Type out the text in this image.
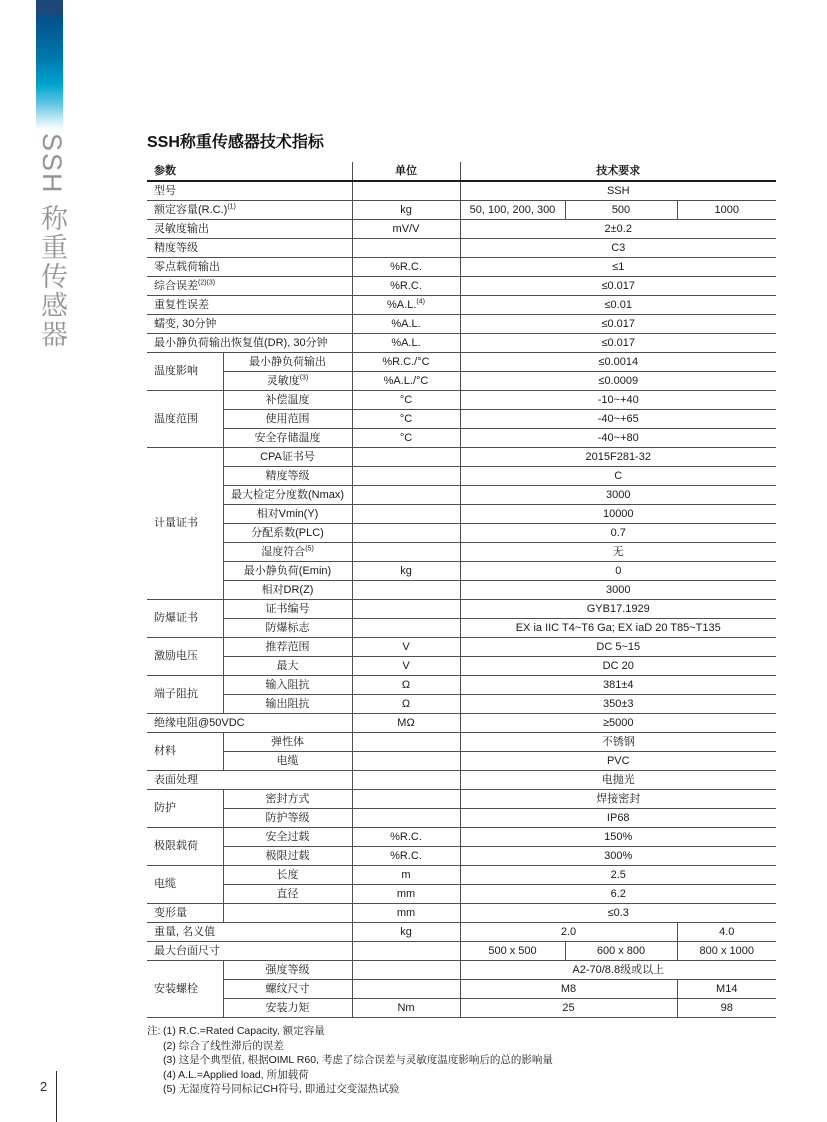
SSH 称重传感器
2
SSH称重传感器技术指标
参数		单位	技术要求		
型号			SSH		
额定容量$(R.C.)^{(1)}$		kg	50, 100, 200, 300	500	1000
灵敏度输出		mV/V	2±0.2		
精度等级			C3		
零点载荷输出		%R.C.	≤1		
综合误差$^{(2)(3)}$		%R.C.	≤0.017		
重复性误差		%A.L.$^{(4)}$	≤0.01		
蠕变, 30分钟		%A.L.	≤0.017		
最小静负荷输出恢复值(DR), 30分钟		%A.L.	≤0.017		
温度影响	最小静负荷输出	%R.C./°C	≤0.0014		
	灵敏度$^{(3)}$	%A.L./°C	≤0.0009		
温度范围	补偿温度	°C	-10~+40		
	使用范围	°C	-40~+65		
	安全存储温度	°C	-40~+80		
计量证书	CPA证书号		2015F281-32		
	精度等级		C		
	最大检定分度数(Nmax)		3000		
	相对Vmin(Y)		10000		
	分配系数(PLC)		0.7		
	湿度符合$^{(5)}$		无		
	最小静负荷(Emin)	kg	0		
	相对DR(Z)		3000		
防爆证书	证书编号		GYB17.1929		
	防爆标志		EX ia IIC T4~T6 Ga; EX iaD 20 T85~T135		
激励电压	推荐范围	V	DC 5~15		
	最大	V	DC 20		
端子阻抗	输入阻抗	Ω	381±4		
	输出阻抗	Ω	350±3		
绝缘电阻@50VDC		MΩ	≥5000		
材料	弹性体		不锈钢		
	电缆		PVC		
表面处理			电抛光		
防护	密封方式		焊接密封		
	防护等级		IP68		
极限载荷	安全过载	%R.C.	150%		
	极限过载	%R.C.	300%		
电缆	长度	m	2.5		
	直径	mm	6.2		
变形量		mm	≤0.3		
重量, 名义值		kg	2.0		4.0
最大台面尺寸			500 x 500	600 x 800	800 x 1000
安装螺栓	强度等级		A2-70/8.8级或以上		
	螺纹尺寸		M8		M14
	安装力矩	Nm	25		98
注: (1) R.C.=Rated Capacity, 额定容量
(2) 综合了线性滞后的误差
(3) 这是个典型值, 根据OIML R60, 考虑了综合误差与灵敏度温度影响后的总的影响量
(4) A.L.=Applied load, 所加载荷
(5) 无湿度符号同标记CH符号, 即通过交变湿热试验
